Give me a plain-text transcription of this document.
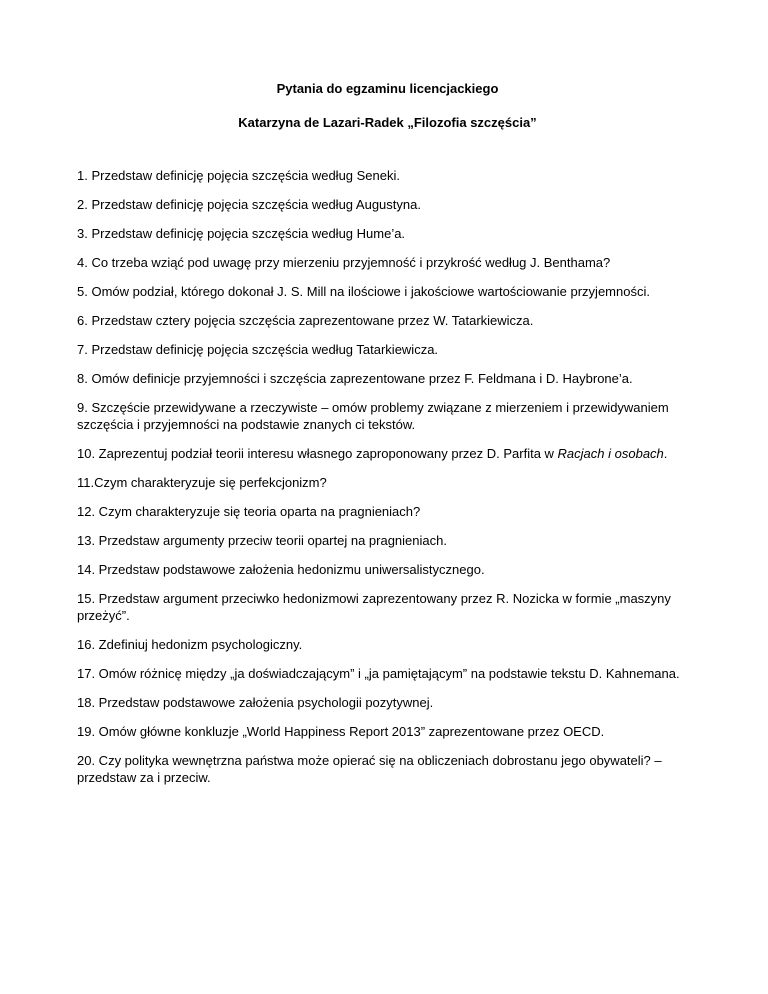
Pytania do egzaminu licencjackiego

Katarzyna de Lazari-Radek „Filozofia szczęścia”

1. Przedstaw definicję pojęcia szczęścia według Seneki.
2. Przedstaw definicję pojęcia szczęścia według Augustyna.
3. Przedstaw definicję pojęcia szczęścia według Hume’a.
4. Co trzeba wziąć pod uwagę przy mierzeniu przyjemność i przykrość według J. Benthama?
5. Omów podział, którego dokonał J. S. Mill na ilościowe i jakościowe wartościowanie przyjemności.
6. Przedstaw cztery pojęcia szczęścia zaprezentowane przez W. Tatarkiewicza.
7. Przedstaw definicję pojęcia szczęścia według Tatarkiewicza.
8. Omów definicje przyjemności i szczęścia zaprezentowane przez F. Feldmana i D. Haybrone’a.
9. Szczęście przewidywane a rzeczywiste – omów problemy związane z mierzeniem i przewidywaniem szczęścia i przyjemności na podstawie znanych ci tekstów.
10. Zaprezentuj podział teorii interesu własnego zaproponowany przez D. Parfita w Racjach i osobach.
11.Czym charakteryzuje się perfekcjonizm?
12. Czym charakteryzuje się teoria oparta na pragnieniach?
13. Przedstaw argumenty przeciw teorii opartej na pragnieniach.
14. Przedstaw podstawowe założenia hedonizmu uniwersalistycznego.
15. Przedstaw argument przeciwko hedonizmowi zaprezentowany przez R. Nozicka w formie „maszyny przeżyć”.
16. Zdefiniuj hedonizm psychologiczny.
17. Omów różnicę między „ja doświadczającym” i „ja pamiętającym” na podstawie tekstu D. Kahnemana.
18. Przedstaw podstawowe założenia psychologii pozytywnej.
19. Omów główne konkluzje „World Happiness Report 2013” zaprezentowane przez OECD.
20. Czy polityka wewnętrzna państwa może opierać się na obliczeniach dobrostanu jego obywateli? – przedstaw za i przeciw.
